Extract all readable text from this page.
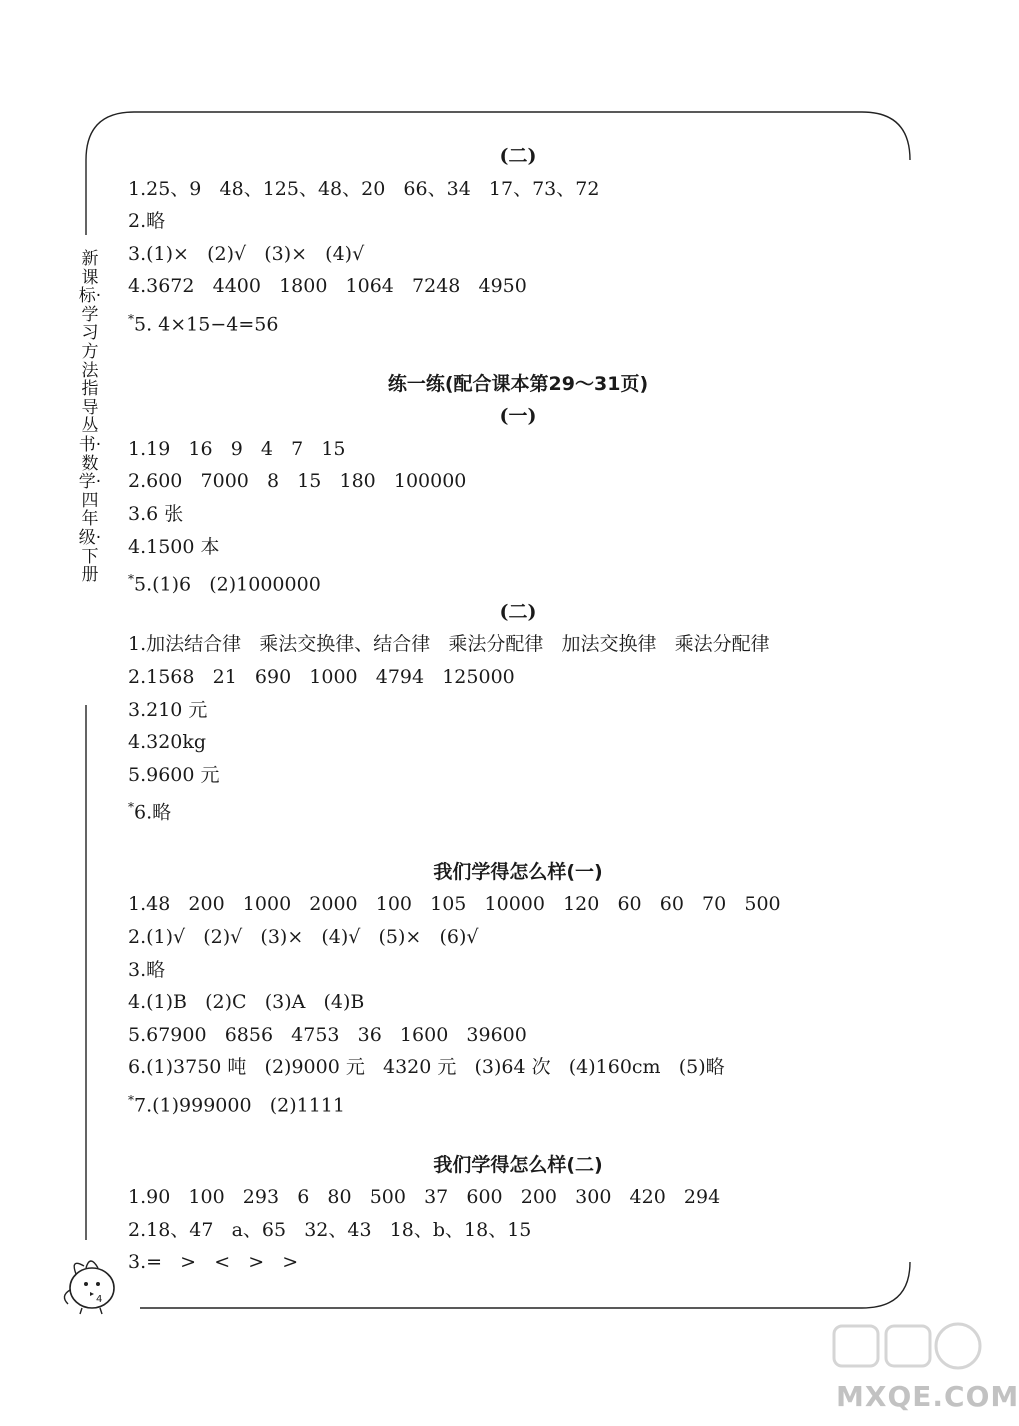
新课标·学习方法指导丛书·数学·四年级·下册
(二)
1.25、9   48、125、48、20   66、34   17、73、72
2.略
3.(1)×   (2)√   (3)×   (4)√
4.3672   4400   1800   1064   7248   4950
*5. 4×15−4=56
练一练(配合课本第29～31页)
(一)
1.19   16   9   4   7   15
2.600   7000   8   15   180   100000
3.6 张
4.1500 本
*5.(1)6   (2)1000000
(二)
1.加法结合律   乘法交换律、结合律   乘法分配律   加法交换律   乘法分配律
2.1568   21   690   1000   4794   125000
3.210 元
4.320kg
5.9600 元
*6.略
我们学得怎么样(一)
1.48   200   1000   2000   100   105   10000   120   60   60   70   500
2.(1)√   (2)√   (3)×   (4)√   (5)×   (6)√
3.略
4.(1)B   (2)C   (3)A   (4)B
5.67900   6856   4753   36   1600   39600
6.(1)3750 吨   (2)9000 元   4320 元   (3)64 次   (4)160cm   (5)略
*7.(1)999000   (2)1111
我们学得怎么样(二)
1.90   100   293   6   80   500   37   600   200   300   420   294
2.18、47   a、65   32、43   18、b、18、15
3.=   >   <   >   >
4
MXQE.COM
